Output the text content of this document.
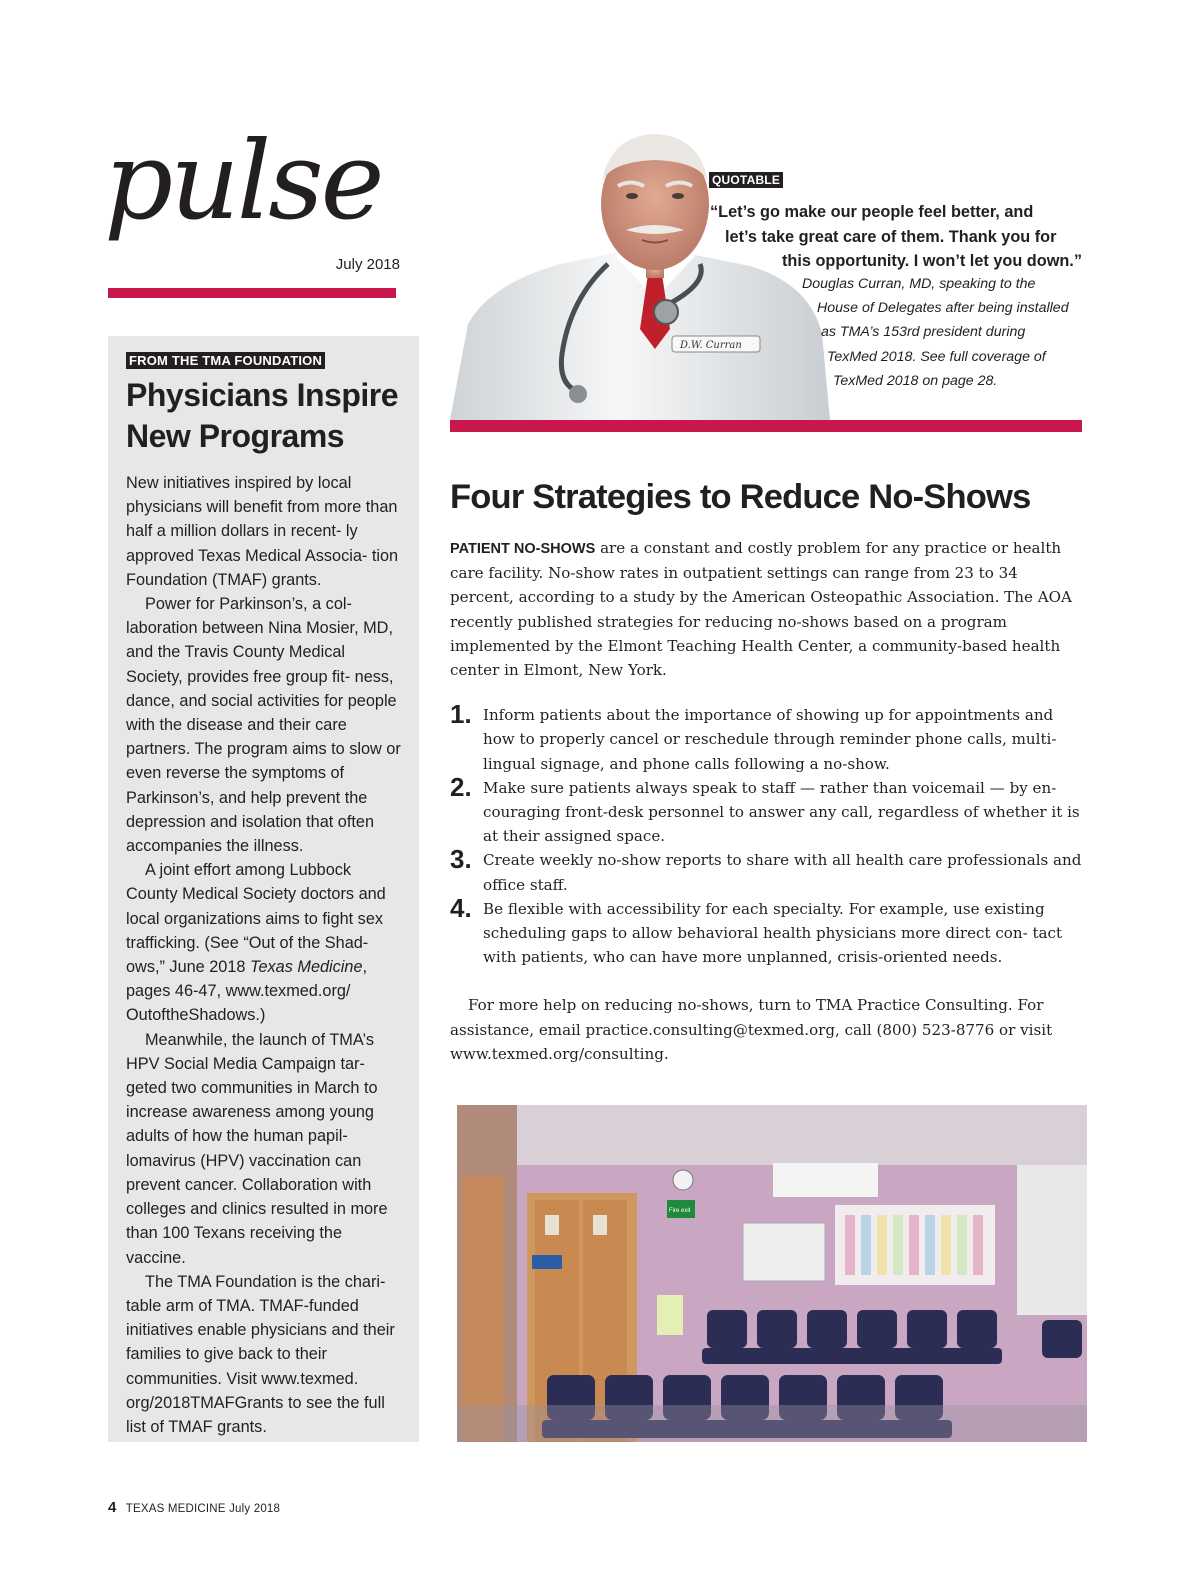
pulse
July 2018
FROM THE TMA FOUNDATION
Physicians Inspire
New Programs

New initiatives inspired by local physicians will benefit from more than half a million dollars in recent- ly approved Texas Medical Associa- tion Foundation (TMAF) grants.

Power for Parkinson’s, a col- laboration between Nina Mosier, MD, and the Travis County Medical Society, provides free group fit- ness, dance, and social activities for people with the disease and their care partners. The program aims to slow or even reverse the symptoms of Parkinson’s, and help prevent the depression and isolation that often accompanies the illness.

A joint effort among Lubbock County Medical Society doctors and local organizations aims to fight sex trafficking. (See “Out of the Shad- ows,” June 2018 Texas Medicine, pages 46-47, www.texmed.org/ OutoftheShadows.)

Meanwhile, the launch of TMA’s HPV Social Media Campaign tar- geted two communities in March to increase awareness among young adults of how the human papil- lomavirus (HPV) vaccination can prevent cancer. Collaboration with colleges and clinics resulted in more than 100 Texans receiving the vaccine.

The TMA Foundation is the chari- table arm of TMA. TMAF-funded initiatives enable physicians and their families to give back to their communities. Visit www.texmed. org/2018TMAFGrants to see the full list of TMAF grants.

D.W. Curran
QUOTABLE
“Let’s go make our people feel better, and
let’s take great care of them. Thank you for
this opportunity. I won’t let you down.”
Douglas Curran, MD, speaking to the
House of Delegates after being installed
as TMA’s 153rd president during
TexMed 2018. See full coverage of
TexMed 2018 on page 28.
Four Strategies to Reduce No-Shows

PATIENT NO-SHOWS are a constant and costly problem for any practice or health care facility. No-show rates in outpatient settings can range from 23 to 34 percent, according to a study by the American Osteopathic Association. The AOA recently published strategies for reducing no-shows based on a program implemented by the Elmont Teaching Health Center, a community-based health center in Elmont, New York.

1. Inform patients about the importance of showing up for appointments and how to properly cancel or reschedule through reminder phone calls, multi-lingual signage, and phone calls following a no-show.
2. Make sure patients always speak to staff — rather than voicemail — by en- couraging front-desk personnel to answer any call, regardless of whether it is at their assigned space.
3. Create weekly no-show reports to share with all health care professionals and office staff.
4. Be flexible with accessibility for each specialty. For example, use existing scheduling gaps to allow behavioral health physicians more direct con- tact with patients, who can have more unplanned, crisis-oriented needs.

For more help on reducing no-shows, turn to TMA Practice Consulting. For assistance, email practice.consulting@texmed.org, call (800) 523-8776 or visit www.texmed.org/consulting.

Fire exit
4 TEXAS MEDICINE July 2018
